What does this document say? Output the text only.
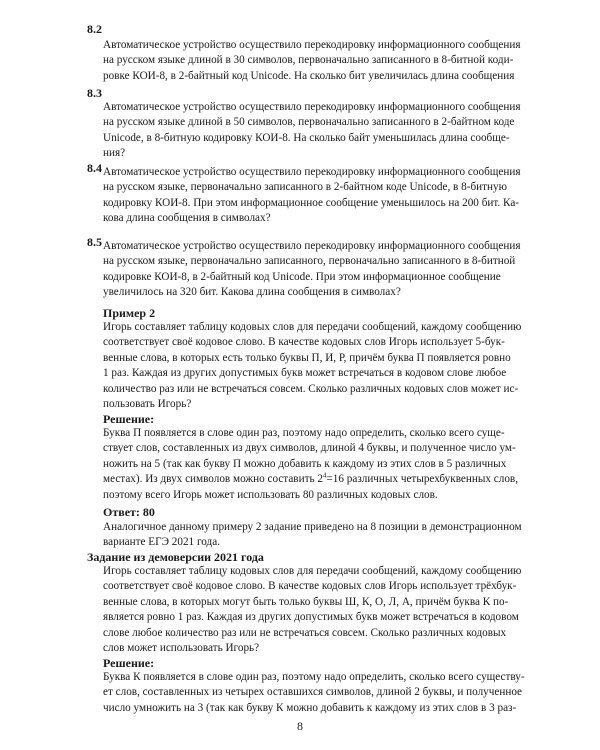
8.2
Автоматическое устройство осуществило перекодировку информационного сообщения
на русском языке длиной в 30 символов, первоначально записанного в 8-битной коди-
ровке КОИ-8, в 2-байтный код Unicode. На сколько бит увеличилась длина сообщения
8.3
Автоматическое устройство осуществило перекодировку информационного сообщения
на русском языке длиной в 50 символов, первоначально записанного в 2-байтном коде
Unicode, в 8-битную кодировку КОИ-8. На сколько байт уменьшилась длина сообще-
ния?
8.4 Автоматическое устройство осуществило перекодировку информационного сообщения
на русском языке, первоначально записанного в 2-байтном коде Unicode, в 8-битную
кодировку КОИ-8. При этом информационное сообщение уменьшилось на 200 бит. Ка-
кова длина сообщения в символах?
8.5 Автоматическое устройство осуществило перекодировку информационного сообщения
на русском языке, первоначально записанного, первоначально записанного в 8-битной
кодировке КОИ-8, в 2-байтный код Unicode. При этом информационное сообщение
увеличилось на 320 бит. Какова длина сообщения в символах?
Пример 2
Игорь составляет таблицу кодовых слов для передачи сообщений, каждому сообщению
соответствует своё кодовое слово. В качестве кодовых слов Игорь использует 5-бук-
венные слова, в которых есть только буквы П, И, Р, причём буква П появляется ровно
1 раз. Каждая из других допустимых букв может встречаться в кодовом слове любое
количество раз или не встречаться совсем. Сколько различных кодовых слов может ис-
пользовать Игорь?
Решение:
Буква П появляется в слове один раз, поэтому надо определить, сколько всего суще-
ствует слов, составленных из двух символов, длиной 4 буквы, и полученное число ум-
ножить на 5 (так как букву П можно добавить к каждому из этих слов в 5 различных
местах). Из двух символов можно составить $2^4=16$ различных четырехбуквенных слов,
поэтому всего Игорь может использовать 80 различных кодовых слов.
Ответ: 80
Аналогичное данному примеру 2 задание приведено на 8 позиции в демонстрационном
варианте ЕГЭ 2021 года.
Задание из демоверсии 2021 года
Игорь составляет таблицу кодовых слов для передачи сообщений, каждому сообщению
соответствует своё кодовое слово. В качестве кодовых слов Игорь использует трёхбук-
венные слова, в которых могут быть только буквы Ш, К, О, Л, А, причём буква К по-
является ровно 1 раз. Каждая из других допустимых букв может встречаться в кодовом
слове любое количество раз или не встречаться совсем. Сколько различных кодовых
слов может использовать Игорь?
Решение:
Буква К появляется в слове один раз, поэтому надо определить, сколько всего существу-
ет слов, составленных из четырех оставшихся символов, длиной 2 буквы, и полученное
число умножить на 3 (так как букву К можно добавить к каждому из этих слов в 3 раз-
8
